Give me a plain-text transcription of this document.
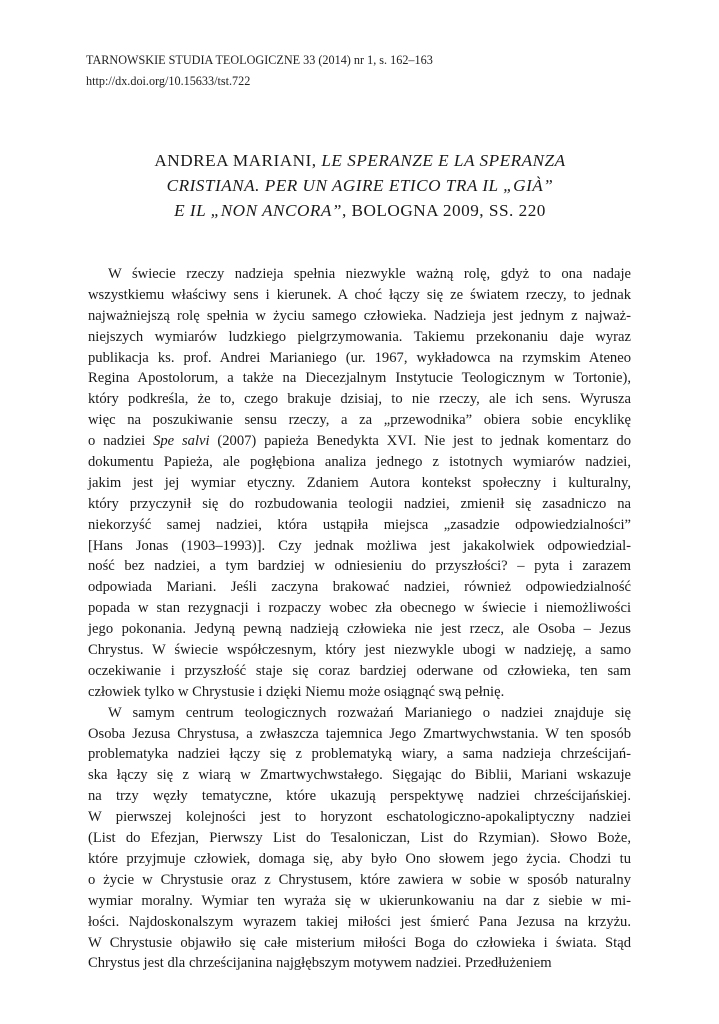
TARNOWSKIE STUDIA TEOLOGICZNE 33 (2014) nr 1, s. 162–163
http://dx.doi.org/10.15633/tst.722
ANDREA MARIANI, LE SPERANZE E LA SPERANZA
CRISTIANA. PER UN AGIRE ETICO TRA IL „GIÀ”
E IL „NON ANCORA”, BOLOGNA 2009, SS. 220
W świecie rzeczy nadzieja spełnia niezwykle ważną rolę, gdyż to ona nadaje
wszystkiemu właściwy sens i kierunek. A choć łączy się ze światem rzeczy, to jednak
najważniejszą rolę spełnia w życiu samego człowieka. Nadzieja jest jednym z najważ-
niejszych wymiarów ludzkiego pielgrzymowania. Takiemu przekonaniu daje wyraz
publikacja ks. prof. Andrei Marianiego (ur. 1967, wykładowca na rzymskim Ateneo
Regina Apostolorum, a także na Diecezjalnym Instytucie Teologicznym w Tortonie),
który podkreśla, że to, czego brakuje dzisiaj, to nie rzeczy, ale ich sens. Wyrusza
więc na poszukiwanie sensu rzeczy, a za „przewodnika” obiera sobie encyklikę
o nadziei Spe salvi (2007) papieża Benedykta XVI. Nie jest to jednak komentarz do
dokumentu Papieża, ale pogłębiona analiza jednego z istotnych wymiarów nadziei,
jakim jest jej wymiar etyczny. Zdaniem Autora kontekst społeczny i kulturalny,
który przyczynił się do rozbudowania teologii nadziei, zmienił się zasadniczo na
niekorzyść samej nadziei, która ustąpiła miejsca „zasadzie odpowiedzialności”
[Hans Jonas (1903–1993)]. Czy jednak możliwa jest jakakolwiek odpowiedzial-
ność bez nadziei, a tym bardziej w odniesieniu do przyszłości? – pyta i zarazem
odpowiada Mariani. Jeśli zaczyna brakować nadziei, również odpowiedzialność
popada w stan rezygnacji i rozpaczy wobec zła obecnego w świecie i niemożliwości
jego pokonania. Jedyną pewną nadzieją człowieka nie jest rzecz, ale Osoba – Jezus
Chrystus. W świecie współczesnym, który jest niezwykle ubogi w nadzieję, a samo
oczekiwanie i przyszłość staje się coraz bardziej oderwane od człowieka, ten sam
człowiek tylko w Chrystusie i dzięki Niemu może osiągnąć swą pełnię.
W samym centrum teologicznych rozważań Marianiego o nadziei znajduje się
Osoba Jezusa Chrystusa, a zwłaszcza tajemnica Jego Zmartwychwstania. W ten sposób
problematyka nadziei łączy się z problematyką wiary, a sama nadzieja chrześcijań-
ska łączy się z wiarą w Zmartwychwstałego. Sięgając do Biblii, Mariani wskazuje
na trzy węzły tematyczne, które ukazują perspektywę nadziei chrześcijańskiej.
W pierwszej kolejności jest to horyzont eschatologiczno-apokaliptyczny nadziei
(List do Efezjan, Pierwszy List do Tesaloniczan, List do Rzymian). Słowo Boże,
które przyjmuje człowiek, domaga się, aby było Ono słowem jego życia. Chodzi tu
o życie w Chrystusie oraz z Chrystusem, które zawiera w sobie w sposób naturalny
wymiar moralny. Wymiar ten wyraża się w ukierunkowaniu na dar z siebie w mi-
łości. Najdoskonalszym wyrazem takiej miłości jest śmierć Pana Jezusa na krzyżu.
W Chrystusie objawiło się całe misterium miłości Boga do człowieka i świata. Stąd
Chrystus jest dla chrześcijanina najgłębszym motywem nadziei. Przedłużeniem
